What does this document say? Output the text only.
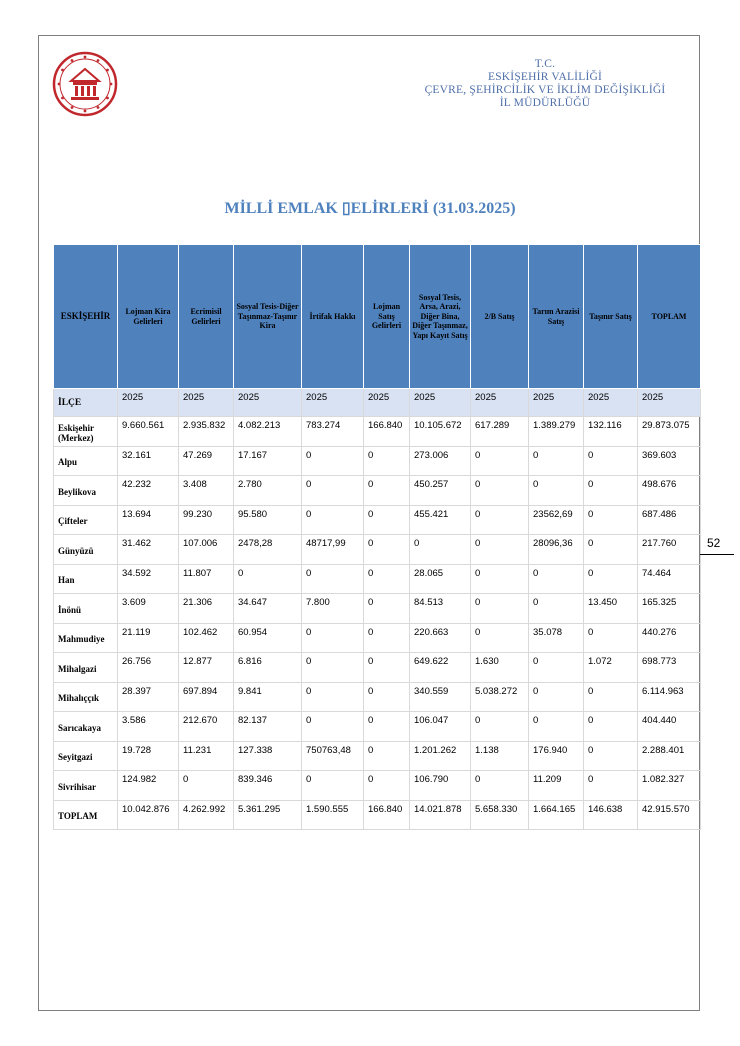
T.C.
ESKİŞEHİR VALİLİĞİ
ÇEVRE, ŞEHİRCİLİK VE İKLİM DEĞİŞİKLİĞİ
İL MÜDÜRLÜĞÜ
MİLLİ EMLAK ▯ELİRLERİ (31.03.2025)
ESKİŞEHİR	Lojman Kira Gelirleri	Ecrimisil Gelirleri	Sosyal Tesis-Diğer Taşınmaz-Taşınır Kira	İrtifak Hakkı	Lojman Satış Gelirleri	Sosyal Tesis, Arsa, Arazi, Diğer Bina, Diğer Taşınmaz, Yapı Kayıt Satış	2/B Satış	Tarım Arazisi Satış	Taşınır Satış	TOPLAM
İLÇE	2025	2025	2025	2025	2025	2025	2025	2025	2025	2025
Eskişehir (Merkez)	9.660.561	2.935.832	4.082.213	783.274	166.840	10.105.672	617.289	1.389.279	132.116	29.873.075
Alpu	32.161	47.269	17.167	0	0	273.006	0	0	0	369.603
Beylikova	42.232	3.408	2.780	0	0	450.257	0	0	0	498.676
Çifteler	13.694	99.230	95.580	0	0	455.421	0	23562,69	0	687.486
Günyüzü	31.462	107.006	2478,28	48717,99	0	0	0	28096,36	0	217.760
Han	34.592	11.807	0	0	0	28.065	0	0	0	74.464
İnönü	3.609	21.306	34.647	7.800	0	84.513	0	0	13.450	165.325
Mahmudiye	21.119	102.462	60.954	0	0	220.663	0	35.078	0	440.276
Mihalgazi	26.756	12.877	6.816	0	0	649.622	1.630	0	1.072	698.773
Mihalıççık	28.397	697.894	9.841	0	0	340.559	5.038.272	0	0	6.114.963
Sarıcakaya	3.586	212.670	82.137	0	0	106.047	0	0	0	404.440
Seyitgazi	19.728	11.231	127.338	750763,48	0	1.201.262	1.138	176.940	0	2.288.401
Sivrihisar	124.982	0	839.346	0	0	106.790	0	11.209	0	1.082.327
TOPLAM	10.042.876	4.262.992	5.361.295	1.590.555	166.840	14.021.878	5.658.330	1.664.165	146.638	42.915.570
52
